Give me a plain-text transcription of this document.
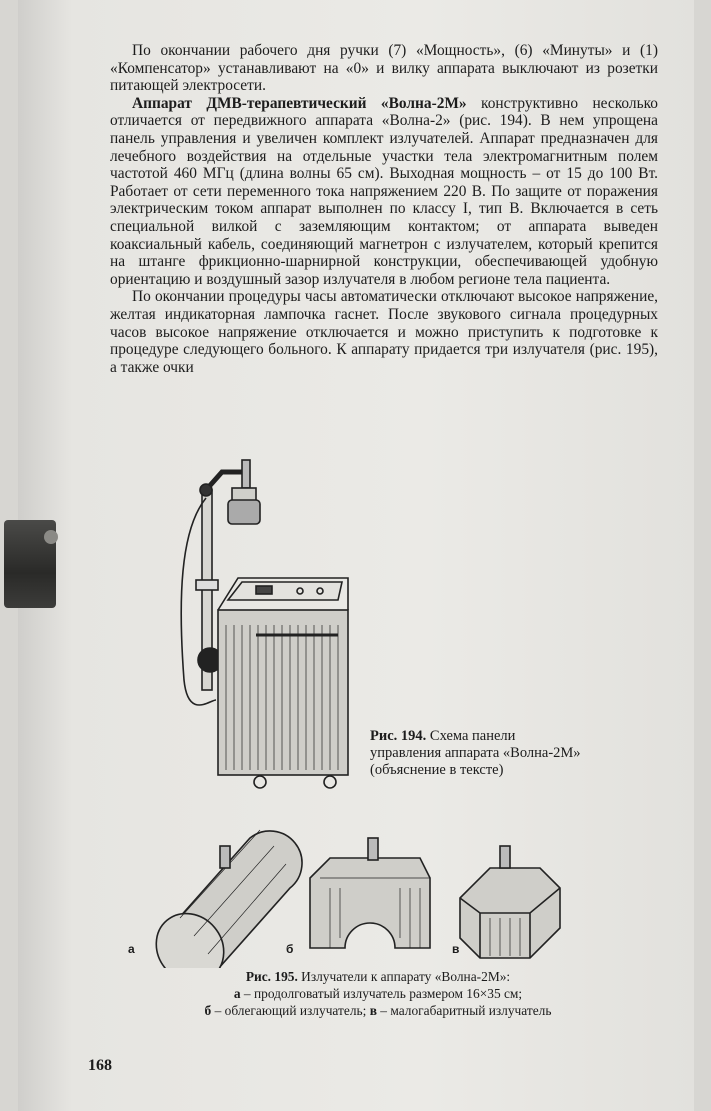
По окончании рабочего дня ручки (7) «Мощность», (6) «Минуты» и (1) «Компенсатор» устанавливают на «0» и вилку аппарата выключают из розетки питающей электросети.

Аппарат ДМВ-терапевтический «Волна-2М» конструктивно несколько отличается от передвижного аппарата «Волна-2» (рис. 194). В нем упрощена панель управления и увеличен комплект излучателей. Аппарат предназначен для лечебного воздействия на отдельные участки тела электромагнитным полем частотой 460 МГц (длина волны 65 см). Выходная мощность – от 15 до 100 Вт. Работает от сети переменного тока напряжением 220 В. По защите от поражения электрическим током аппарат выполнен по классу I, тип В. Включается в сеть специальной вилкой с заземляющим контактом; от аппарата выведен коаксиальный кабель, соединяющий магнетрон с излучателем, который крепится на штанге фрикционно-шарнирной конструкции, обеспечивающей удобную ориентацию и воздушный зазор излучателя в любом регионе тела пациента.

По окончании процедуры часы автоматически отключают высокое напряжение, желтая индикаторная лампочка гаснет. После звукового сигнала процедурных часов высокое напряжение отключается и можно приступить к подготовке к процедуре следующего больного. К аппарату придается три излучателя (рис. 195), а также очки

Рис. 194. Схема панели управления аппарата «Волна-2М» (объяснение в тексте)
а	б	в
Рис. 195. Излучатели к аппарату «Волна-2М»:
а – продолговатый излучатель размером 16×35 см;
б – облегающий излучатель; в – малогабаритный излучатель
168
